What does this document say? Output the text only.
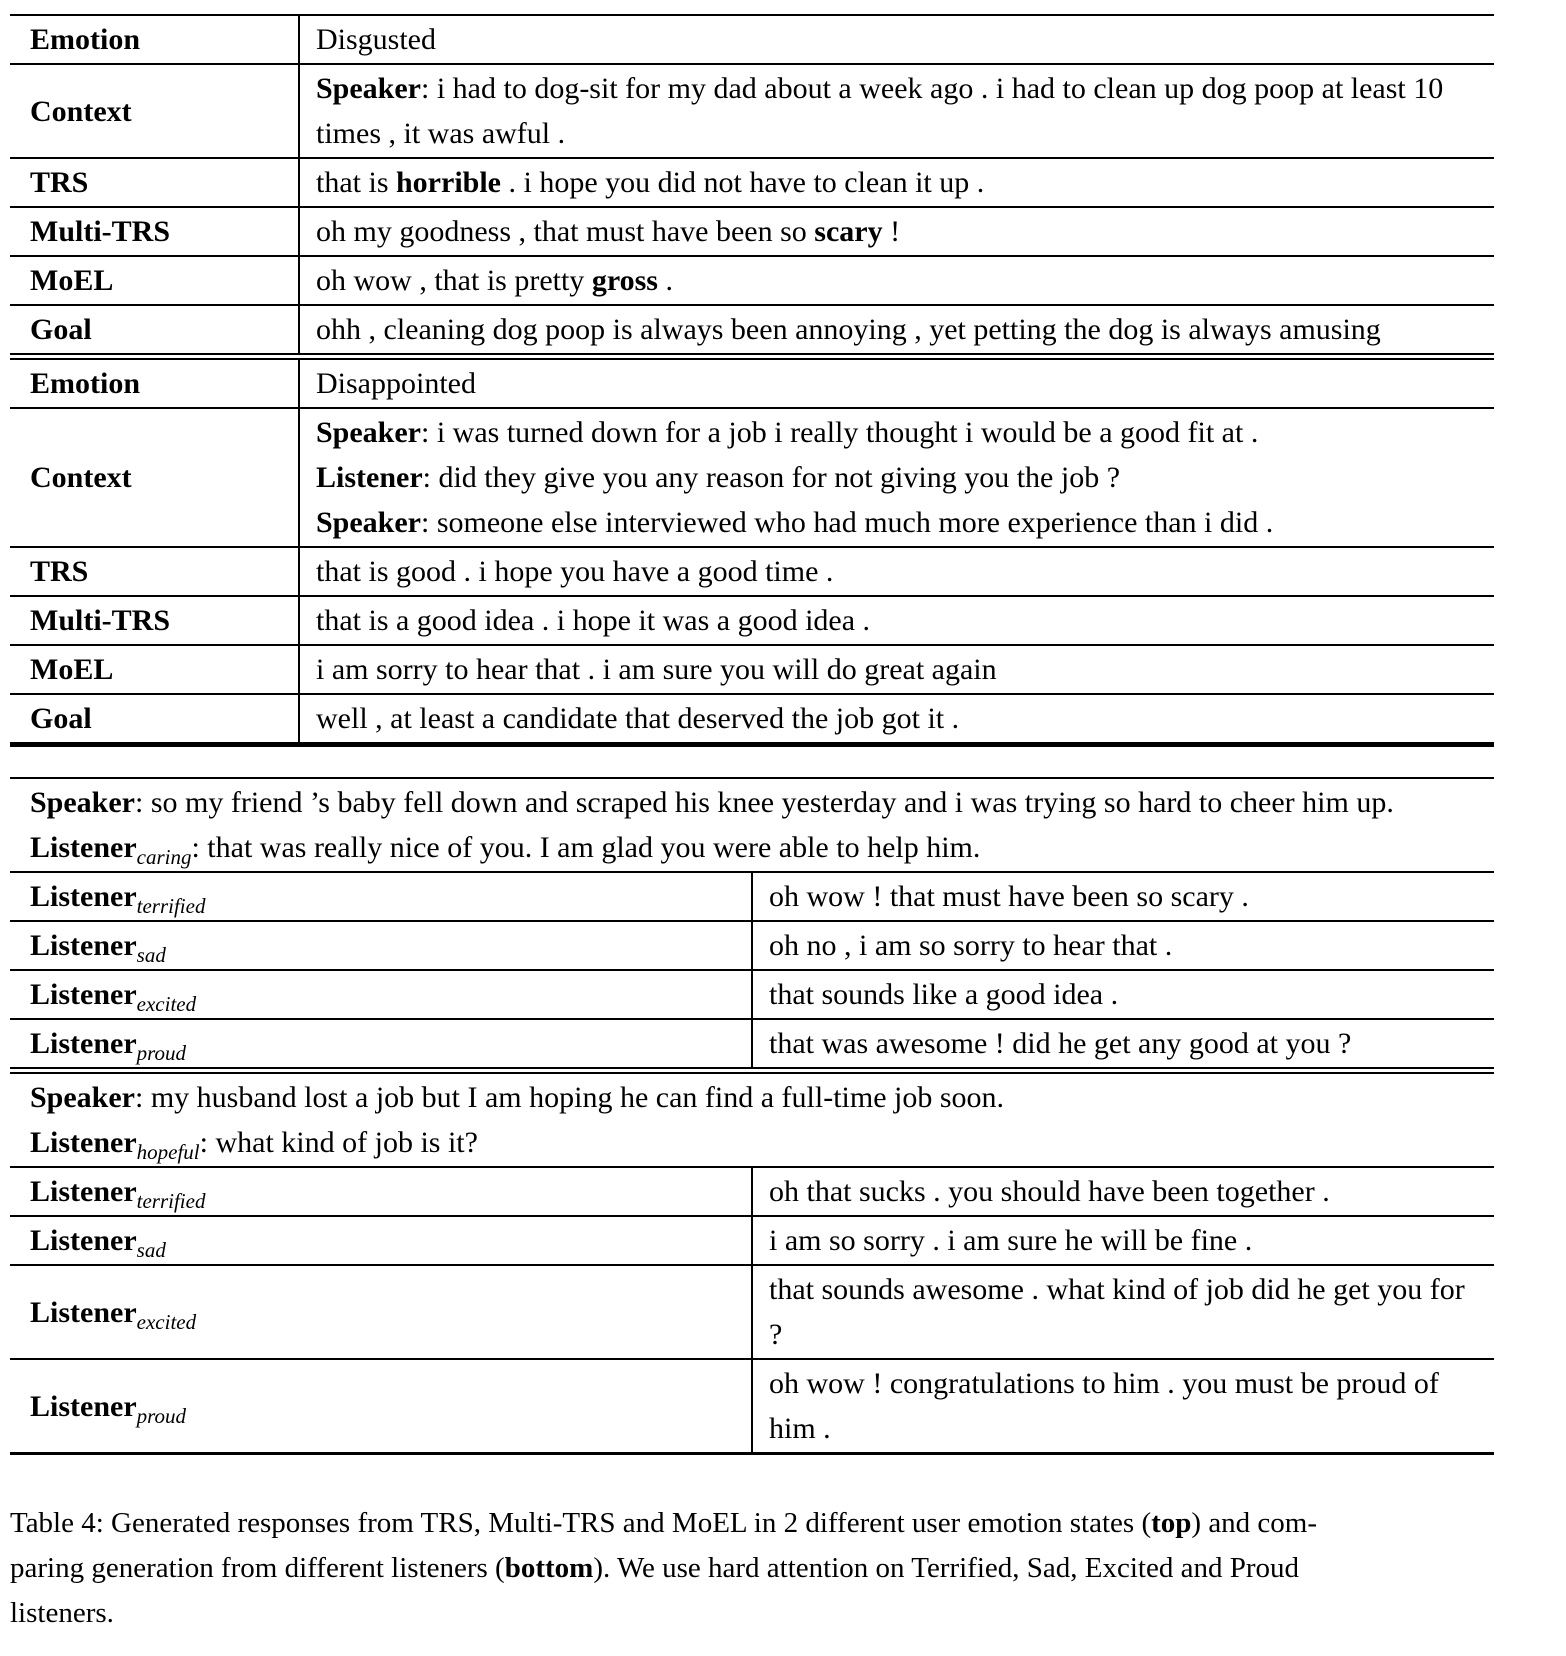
Emotion	Disgusted

Context	Speaker: i had to dog-sit for my dad about a week ago . i had to clean up dog poop at least 10 times , it was awful .

TRS	that is horrible . i hope you did not have to clean it up .

Multi-TRS	oh my goodness , that must have been so scary !

MoEL	oh wow , that is pretty gross .

Goal	ohh , cleaning dog poop is always been annoying , yet petting the dog is always amusing

Emotion	Disappointed

Context	Speaker: i was turned down for a job i really thought i would be a good fit at .
Listener: did they give you any reason for not giving you the job ?
Speaker: someone else interviewed who had much more experience than i did .

TRS	that is good . i hope you have a good time .

Multi-TRS	that is a good idea . i hope it was a good idea .

MoEL	i am sorry to hear that . i am sure you will do great again

Goal	well , at least a candidate that deserved the job got it .
Speaker: so my friend ’s baby fell down and scraped his knee yesterday and i was trying so hard to cheer him up.
Listener$_{caring}$: that was really nice of you. I am glad you were able to help him.	

Listener$_{terrified}$	oh wow ! that must have been so scary .

Listener$_{sad}$	oh no , i am so sorry to hear that .

Listener$_{excited}$	that sounds like a good idea .

Listener$_{proud}$	that was awesome ! did he get any good at you ?

Speaker: my husband lost a job but I am hoping he can find a full-time job soon.
Listener$_{hopeful}$: what kind of job is it?	

Listener$_{terrified}$	oh that sucks . you should have been together .

Listener$_{sad}$	i am so sorry . i am sure he will be fine .

Listener$_{excited}$	that sounds awesome . what kind of job did he get you for ?

Listener$_{proud}$	oh wow ! congratulations to him . you must be proud of him .
Table 4: Generated responses from TRS, Multi-TRS and MoEL in 2 different user emotion states (top) and com-
paring generation from different listeners (bottom). We use hard attention on Terrified, Sad, Excited and Proud
listeners.
